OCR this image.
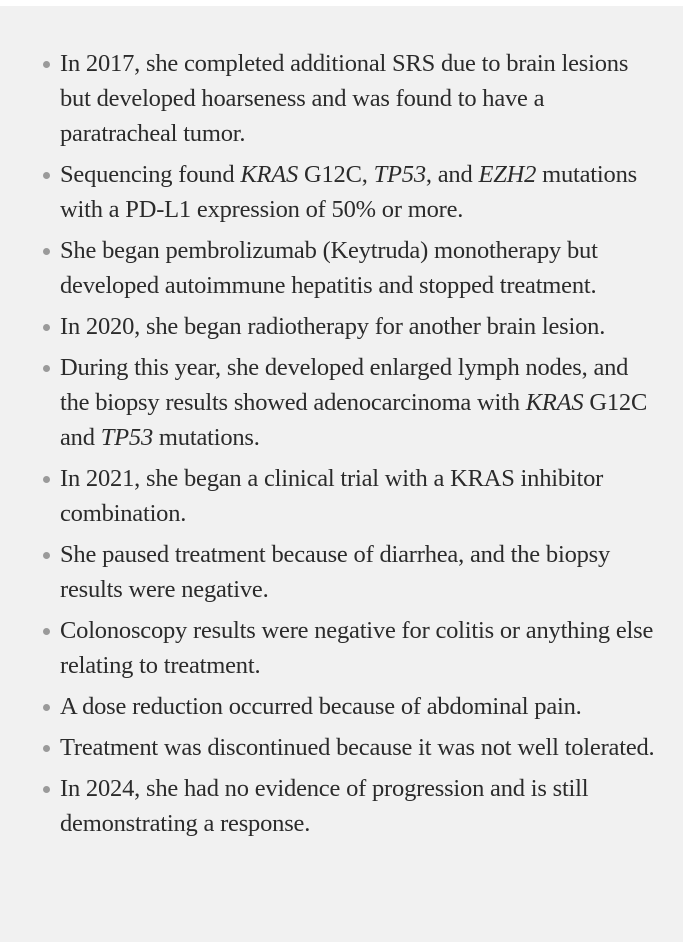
In 2017, she completed additional SRS due to brain lesions but developed hoarseness and was found to have a paratracheal tumor.
Sequencing found KRAS G12C, TP53, and EZH2 mutations with a PD-L1 expression of 50% or more.
She began pembrolizumab (Keytruda) monotherapy but developed autoimmune hepatitis and stopped treatment.
In 2020, she began radiotherapy for another brain lesion.
During this year, she developed enlarged lymph nodes, and the biopsy results showed adenocarcinoma with KRAS G12C and TP53 mutations.
In 2021, she began a clinical trial with a KRAS inhibitor combination.
She paused treatment because of diarrhea, and the biopsy results were negative.
Colonoscopy results were negative for colitis or anything else relating to treatment.
A dose reduction occurred because of abdominal pain.
Treatment was discontinued because it was not well tolerated.
In 2024, she had no evidence of progression and is still demonstrating a response.
